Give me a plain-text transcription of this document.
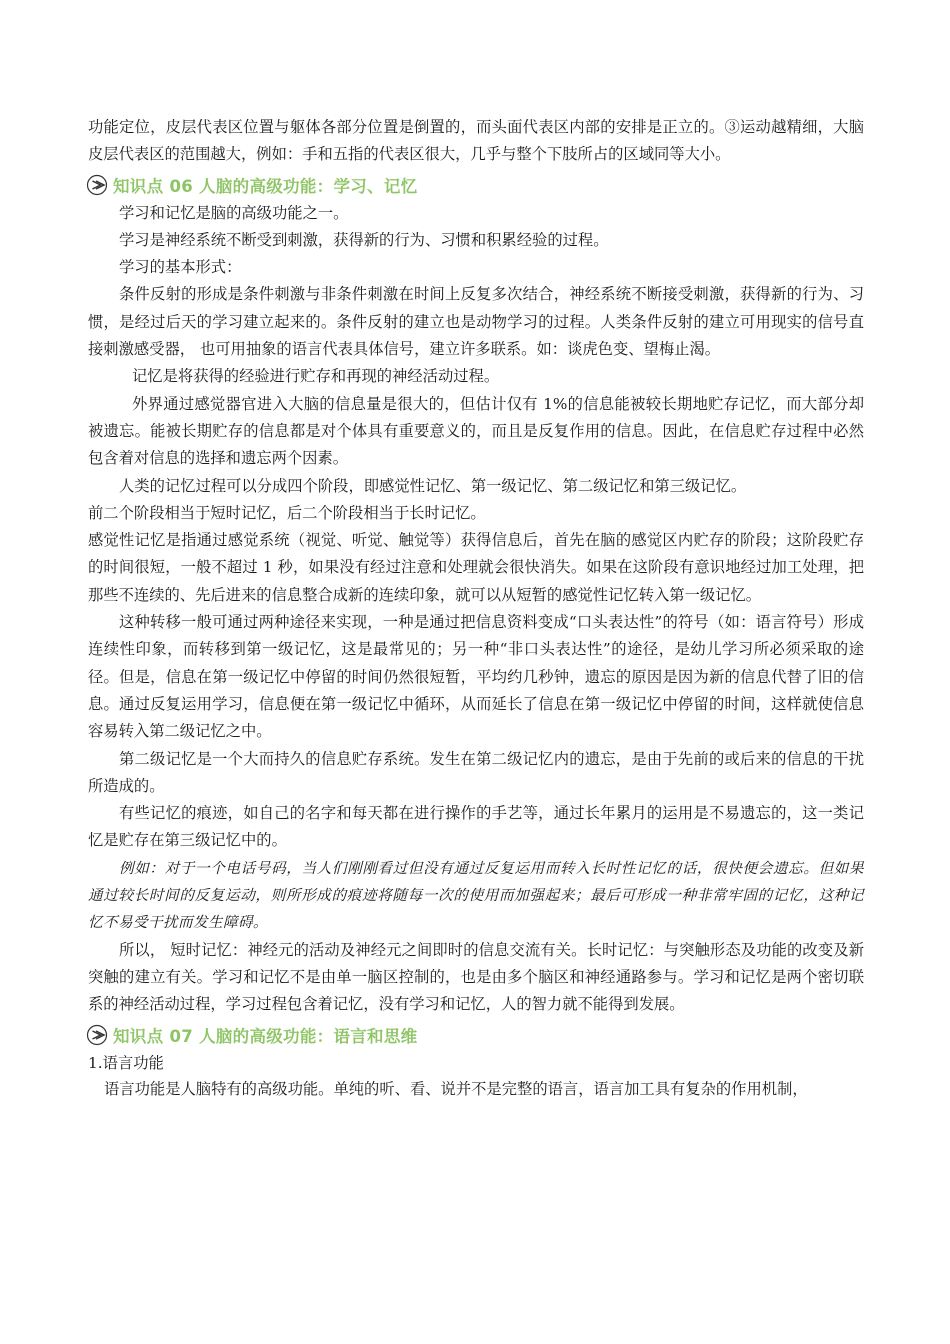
功能定位，皮层代表区位置与躯体各部分位置是倒置的，而头面代表区内部的安排是正立的。③运动越精细，大脑皮层代表区的范围越大，例如：手和五指的代表区很大，几乎与整个下肢所占的区域同等大小。

知识点 06 人脑的高级功能：学习、记忆

学习和记忆是脑的高级功能之一。

学习是神经系统不断受到刺激，获得新的行为、习惯和积累经验的过程。

学习的基本形式：

条件反射的形成是条件刺激与非条件刺激在时间上反复多次结合，神经系统不断接受刺激，获得新的行为、习惯，是经过后天的学习建立起来的。条件反射的建立也是动物学习的过程。人类条件反射的建立可用现实的信号直接刺激感受器， 也可用抽象的语言代表具体信号，建立许多联系。如：谈虎色变、望梅止渴。

记忆是将获得的经验进行贮存和再现的神经活动过程。

外界通过感觉器官进入大脑的信息量是很大的，但估计仅有 1%的信息能被较长期地贮存记忆，而大部分却被遗忘。能被长期贮存的信息都是对个体具有重要意义的，而且是反复作用的信息。因此，在信息贮存过程中必然包含着对信息的选择和遗忘两个因素。

人类的记忆过程可以分成四个阶段，即感觉性记忆、第一级记忆、第二级记忆和第三级记忆。

前二个阶段相当于短时记忆，后二个阶段相当于长时记忆。

感觉性记忆是指通过感觉系统（视觉、听觉、触觉等）获得信息后，首先在脑的感觉区内贮存的阶段；这阶段贮存的时间很短，一般不超过 1 秒，如果没有经过注意和处理就会很快消失。如果在这阶段有意识地经过加工处理，把那些不连续的、先后进来的信息整合成新的连续印象，就可以从短暂的感觉性记忆转入第一级记忆。

这种转移一般可通过两种途径来实现，一种是通过把信息资料变成“口头表达性”的符号（如：语言符号）形成连续性印象，而转移到第一级记忆，这是最常见的；另一种“非口头表达性”的途径，是幼儿学习所必须采取的途径。但是，信息在第一级记忆中停留的时间仍然很短暂，平均约几秒钟，遗忘的原因是因为新的信息代替了旧的信息。通过反复运用学习，信息便在第一级记忆中循环，从而延长了信息在第一级记忆中停留的时间，这样就使信息容易转入第二级记忆之中。

第二级记忆是一个大而持久的信息贮存系统。发生在第二级记忆内的遗忘，是由于先前的或后来的信息的干扰所造成的。

有些记忆的痕迹，如自己的名字和每天都在进行操作的手艺等，通过长年累月的运用是不易遗忘的，这一类记忆是贮存在第三级记忆中的。

例如：对于一个电话号码，当人们刚刚看过但没有通过反复运用而转入长时性记忆的话，很快便会遗忘。但如果通过较长时间的反复运动，则所形成的痕迹将随每一次的使用而加强起来；最后可形成一种非常牢固的记忆，这种记忆不易受干扰而发生障碍。

所以， 短时记忆：神经元的活动及神经元之间即时的信息交流有关。长时记忆：与突触形态及功能的改变及新突触的建立有关。学习和记忆不是由单一脑区控制的，也是由多个脑区和神经通路参与。学习和记忆是两个密切联系的神经活动过程，学习过程包含着记忆，没有学习和记忆，人的智力就不能得到发展。

知识点 07 人脑的高级功能：语言和思维

1.语言功能

语言功能是人脑特有的高级功能。单纯的听、看、说并不是完整的语言，语言加工具有复杂的作用机制，
